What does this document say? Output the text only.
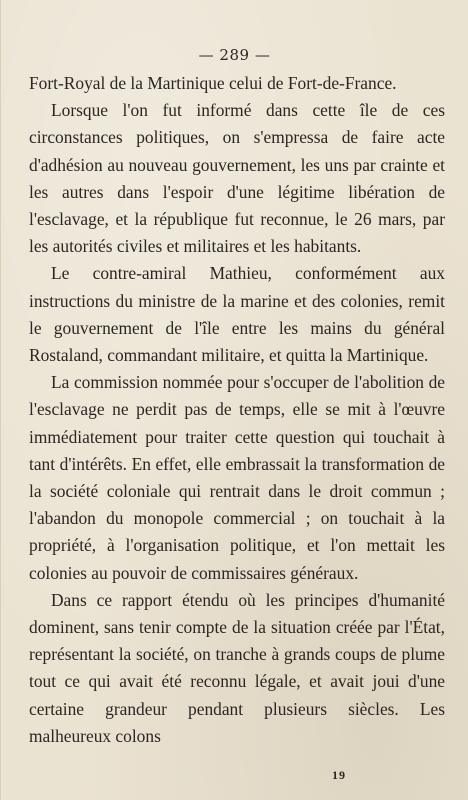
— 289 —

Fort-Royal de la Martinique celui de Fort-de-France.

Lorsque l'on fut informé dans cette île de ces circonstances politiques, on s'empressa de faire acte d'adhésion au nouveau gouvernement, les uns par crainte et les autres dans l'espoir d'une légitime libération de l'esclavage, et la république fut reconnue, le 26 mars, par les autorités civiles et militaires et les habitants.

Le contre-amiral Mathieu, conformément aux instructions du ministre de la marine et des colonies, remit le gouvernement de l'île entre les mains du général Rostaland, commandant militaire, et quitta la Martinique.

La commission nommée pour s'occuper de l'abolition de l'esclavage ne perdit pas de temps, elle se mit à l'œuvre immédiatement pour traiter cette question qui touchait à tant d'intérêts. En effet, elle embrassait la transformation de la société coloniale qui rentrait dans le droit commun ; l'abandon du monopole commercial ; on touchait à la propriété, à l'organisation politique, et l'on mettait les colonies au pouvoir de commissaires généraux.

Dans ce rapport étendu où les principes d'humanité dominent, sans tenir compte de la situation créée par l'État, représentant la société, on tranche à grands coups de plume tout ce qui avait été reconnu légale, et avait joui d'une certaine grandeur pendant plusieurs siècles. Les malheureux colons

19
